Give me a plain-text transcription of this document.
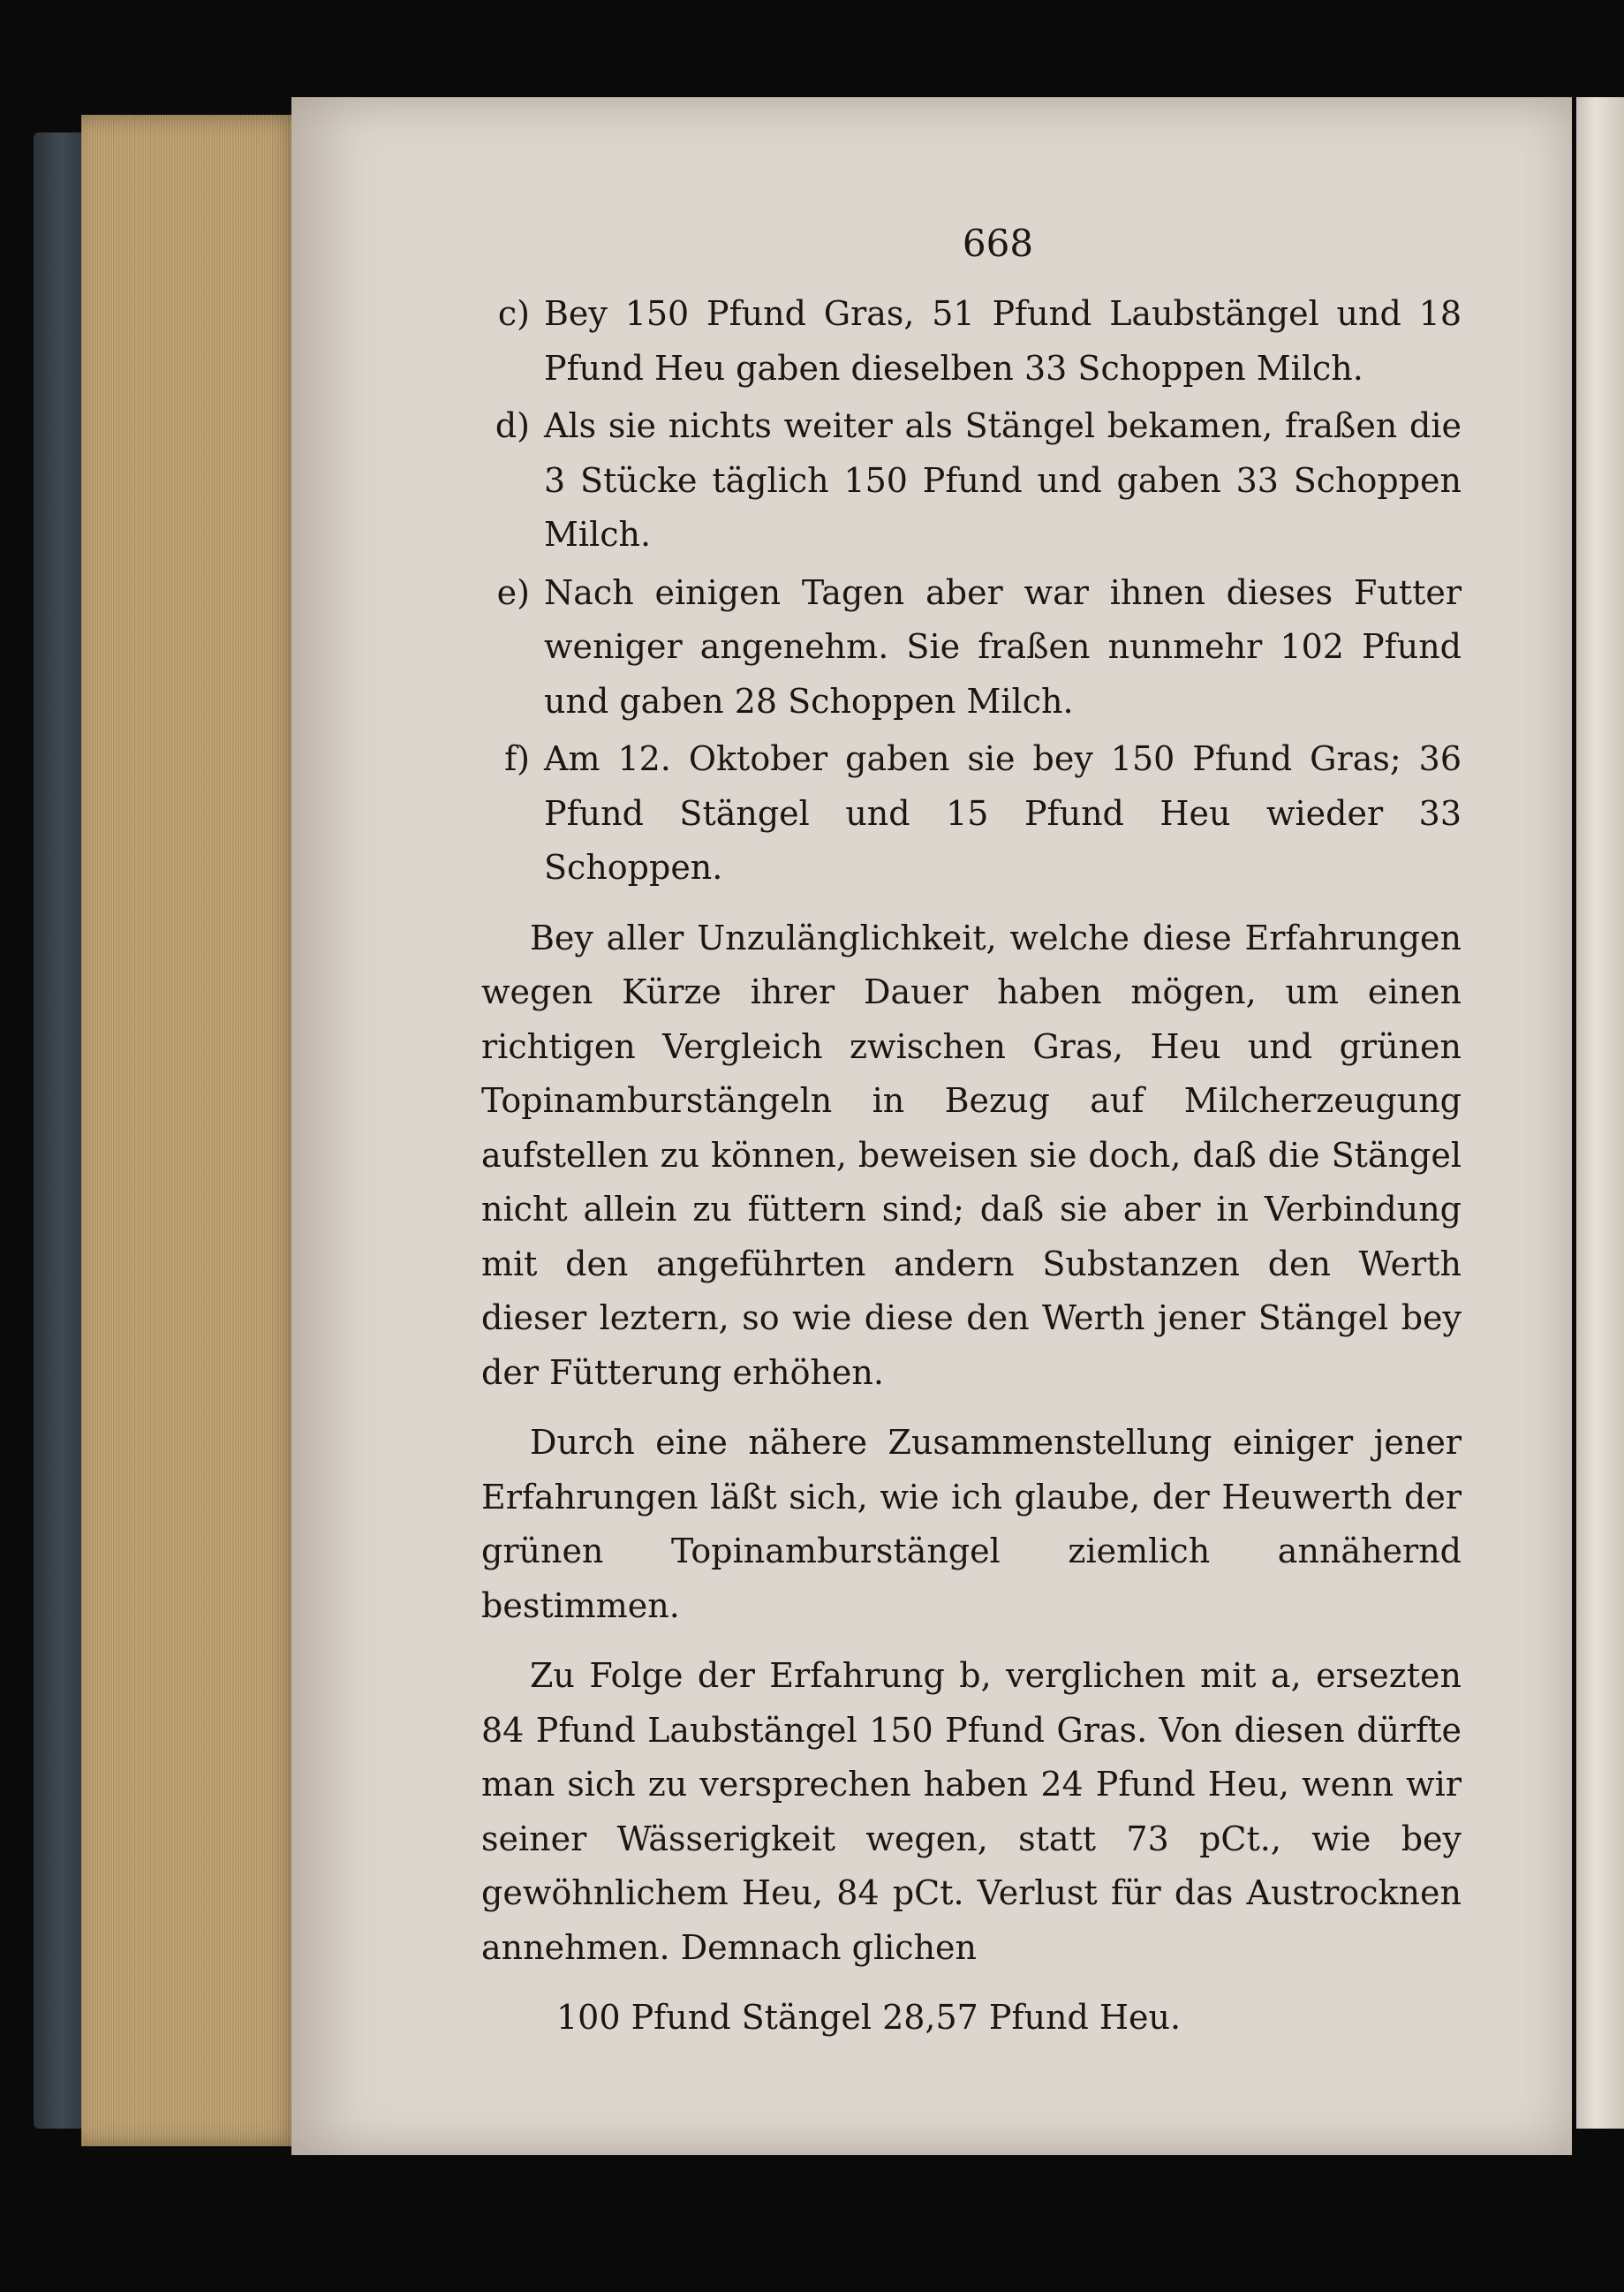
668
c) Bey 150 Pfund Gras, 51 Pfund Laubstängel und 18 Pfund Heu gaben dieselben 33 Schoppen Milch.
d) Als sie nichts weiter als Stängel bekamen, fraßen die 3 Stücke täglich 150 Pfund und gaben 33 Schoppen Milch.
e) Nach einigen Tagen aber war ihnen dieses Futter weniger angenehm. Sie fraßen nunmehr 102 Pfund und gaben 28 Schoppen Milch.
f) Am 12. Oktober gaben sie bey 150 Pfund Gras; 36 Pfund Stängel und 15 Pfund Heu wieder 33 Schoppen.

Bey aller Unzulänglichkeit, welche diese Erfahrungen wegen Kürze ihrer Dauer haben mögen, um einen richtigen Vergleich zwischen Gras, Heu und grünen Topinamburstängeln in Bezug auf Milcherzeugung aufstellen zu können, beweisen sie doch, daß die Stängel nicht allein zu füttern sind; daß sie aber in Verbindung mit den angeführten andern Substanzen den Werth dieser leztern, so wie diese den Werth jener Stängel bey der Fütterung erhöhen.

Durch eine nähere Zusammenstellung einiger jener Erfahrungen läßt sich, wie ich glaube, der Heuwerth der grünen Topinamburstängel ziemlich annähernd bestimmen.

Zu Folge der Erfahrung b, verglichen mit a, ersezten 84 Pfund Laubstängel 150 Pfund Gras. Von diesen dürfte man sich zu versprechen haben 24 Pfund Heu, wenn wir seiner Wässerigkeit wegen, statt 73 pCt., wie bey gewöhnlichem Heu, 84 pCt. Verlust für das Austrocknen annehmen. Demnach glichen

100 Pfund Stängel 28,57 Pfund Heu.
